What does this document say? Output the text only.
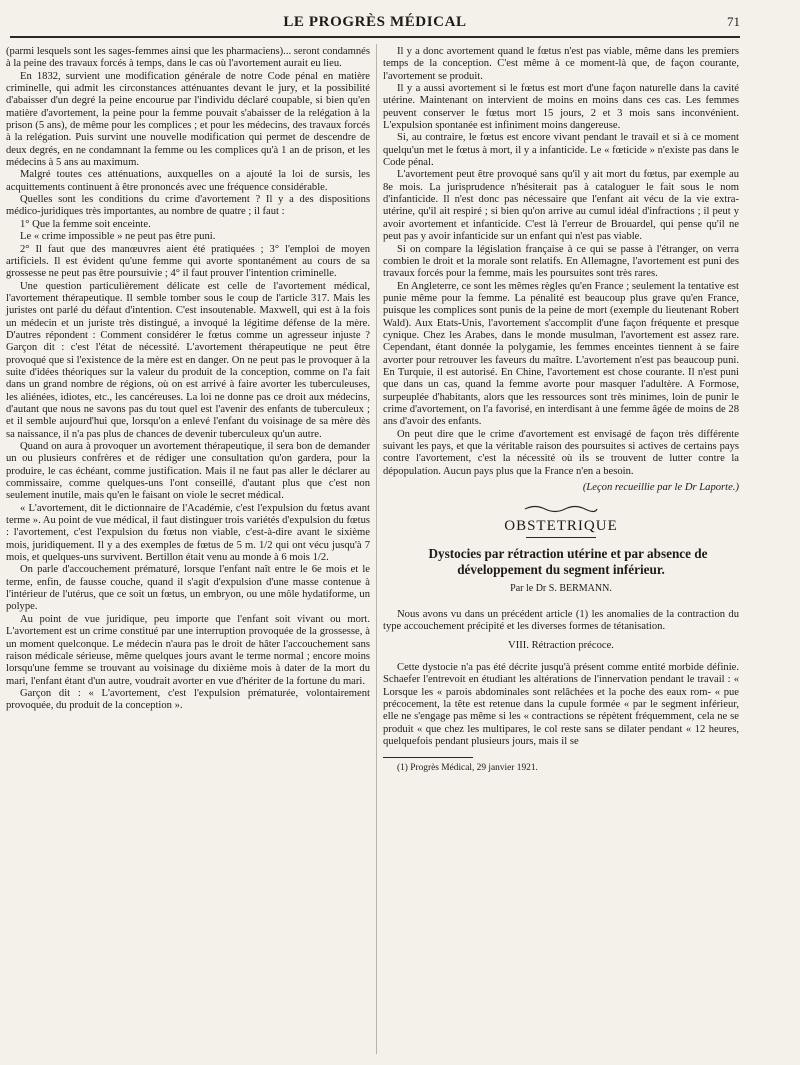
LE PROGRÈS MÉDICAL	71

(parmi lesquels sont les sages-femmes ainsi que les pharmaciens)... seront condamnés à la peine des travaux forcés à temps, dans le cas où l'avortement aurait eu lieu.

En 1832, survient une modification générale de notre Code pénal en matière criminelle, qui admit les circonstances atténuantes devant le jury, et la possibilité d'abaisser d'un degré la peine encourue par l'individu déclaré coupable, si bien qu'en matière d'avortement, la peine pour la femme pouvait s'abaisser de la relégation à la prison (5 ans), de même pour les complices ; et pour les médecins, des travaux forcés à la relégation. Puis survint une nouvelle modification qui permet de descendre de deux degrés, en ne condamnant la femme ou les complices qu'à 1 an de prison, et les médecins à 5 ans au maximum.

Malgré toutes ces atténuations, auxquelles on a ajouté la loi de sursis, les acquittements continuent à être prononcés avec une fréquence considérable.

Quelles sont les conditions du crime d'avortement ? Il y a des dispositions médico-juridiques très importantes, au nombre de quatre ; il faut :

1° Que la femme soit enceinte.

Le « crime impossible » ne peut pas être puni.

2° Il faut que des manœuvres aient été pratiquées ; 3° l'emploi de moyen artificiels. Il est évident qu'une femme qui avorte spontanément au cours de sa grossesse ne peut pas être poursuivie ; 4° il faut prouver l'intention criminelle.

Une question particulièrement délicate est celle de l'avortement médical, l'avortement thérapeutique. Il semble tomber sous le coup de l'article 317. Mais les juristes ont parlé du défaut d'intention. C'est insoutenable. Maxwell, qui est à la fois un médecin et un juriste très distingué, a invoqué la légitime défense de la mère. D'autres répondent : Comment considérer le fœtus comme un agresseur injuste ? Garçon dit : c'est l'état de nécessité. L'avortement thérapeutique ne peut être provoqué que si l'existence de la mère est en danger. On ne peut pas le provoquer à la suite d'idées théoriques sur la valeur du produit de la conception, comme on l'a fait dans un grand nombre de régions, où on est arrivé à faire avorter les tuberculeuses, les aliénées, idiotes, etc., les cancéreuses. La loi ne donne pas ce droit aux médecins, d'autant que nous ne savons pas du tout quel est l'avenir des enfants de tuberculeux ; et il semble aujourd'hui que, lorsqu'on a enlevé l'enfant du voisinage de sa mère dès sa naissance, il n'a pas plus de chances de devenir tuberculeux qu'un autre.

Quand on aura à provoquer un avortement thérapeutique, il sera bon de demander un ou plusieurs confrères et de rédiger une consultation qu'on gardera, pour la produire, le cas échéant, comme justification. Mais il ne faut pas aller le déclarer au commissaire, comme quelques-uns l'ont conseillé, d'autant plus que c'est non seulement inutile, mais qu'en le faisant on viole le secret médical.

« L'avortement, dit le dictionnaire de l'Académie, c'est l'expulsion du fœtus avant terme ». Au point de vue médical, il faut distinguer trois variétés d'expulsion du fœtus : l'avortement, c'est l'expulsion du fœtus non viable, c'est-à-dire avant le sixième mois, juridiquement. Il y a des exemples de fœtus de 5 m. 1/2 qui ont vécu jusqu'à 7 mois, et quelques-uns survivent. Bertillon était venu au monde à 6 mois 1/2.

On parle d'accouchement prématuré, lorsque l'enfant naît entre le 6e mois et le terme, enfin, de fausse couche, quand il s'agit d'expulsion d'une masse contenue à l'intérieur de l'utérus, que ce soit un fœtus, un embryon, ou une môle hydatiforme, un polype.

Au point de vue juridique, peu importe que l'enfant soit vivant ou mort. L'avortement est un crime constitué par une interruption provoquée de la grossesse, à un moment quelconque. Le médecin n'aura pas le droit de hâter l'accouchement sans raison médicale sérieuse, même quelques jours avant le terme normal ; encore moins lorsqu'une femme se trouvant au voisinage du dixième mois à dater de la mort du mari, l'enfant étant d'un autre, voudrait avorter en vue d'hériter de la fortune du mari.

Garçon dit : « L'avortement, c'est l'expulsion prématurée, volontairement provoquée, du produit de la conception ».

Il y a donc avortement quand le fœtus n'est pas viable, même dans les premiers temps de la conception. C'est même à ce moment-là que, de façon courante, l'avortement se produit.

Il y a aussi avortement si le fœtus est mort d'une façon naturelle dans la cavité utérine. Maintenant on intervient de moins en moins dans ces cas. Les femmes peuvent conserver le fœtus mort 15 jours, 2 et 3 mois sans inconvénient. L'expulsion spontanée est infiniment moins dangereuse.

Si, au contraire, le fœtus est encore vivant pendant le travail et si à ce moment quelqu'un met le fœtus à mort, il y a infanticide. Le « fœticide » n'existe pas dans le Code pénal.

L'avortement peut être provoqué sans qu'il y ait mort du fœtus, par exemple au 8e mois. La jurisprudence n'hésiterait pas à cataloguer le fait sous le nom d'infanticide. Il n'est donc pas nécessaire que l'enfant ait vécu de la vie extra-utérine, qu'il ait respiré ; si bien qu'on arrive au cumul idéal d'infractions ; il peut y avoir avortement et infanticide. C'est là l'erreur de Brouardel, qui pense qu'il ne peut pas y avoir infanticide sur un enfant qui n'est pas viable.

Si on compare la législation française à ce qui se passe à l'étranger, on verra combien le droit et la morale sont relatifs. En Allemagne, l'avortement est puni des travaux forcés pour la femme, mais les poursuites sont très rares.

En Angleterre, ce sont les mêmes règles qu'en France ; seulement la tentative est punie même pour la femme. La pénalité est beaucoup plus grave qu'en France, puisque les complices sont punis de la peine de mort (exemple du lieutenant Robert Wald). Aux Etats-Unis, l'avortement s'accomplit d'une façon fréquente et presque cynique. Chez les Arabes, dans le monde musulman, l'avortement est assez rare. Cependant, étant donnée la polygamie, les femmes enceintes tiennent à se faire avorter pour retrouver les faveurs du maître. L'avortement n'est pas beaucoup puni. En Turquie, il est autorisé. En Chine, l'avortement est chose courante. Il n'est puni que dans un cas, quand la femme avorte pour masquer l'adultère. A Formose, surpeuplée d'habitants, alors que les ressources sont très minimes, loin de punir le crime d'avortement, on l'a favorisé, en interdisant à une femme âgée de moins de 28 ans d'avoir des enfants.

On peut dire que le crime d'avortement est envisagé de façon très différente suivant les pays, et que la véritable raison des poursuites si actives de certains pays contre l'avortement, c'est la nécessité où ils se trouvent de lutter contre la dépopulation. Aucun pays plus que la France n'en a besoin.

(Leçon recueillie par le Dr Laporte.)
OBSTETRIQUE

Dystocies par rétraction utérine et par absence de développement du segment inférieur.

Par le Dr S. BERMANN.

Nous avons vu dans un précédent article (1) les anomalies de la contraction du type accouchement précipité et les diverses formes de tétanisation.

VIII. Rétraction précoce.

Cette dystocie n'a pas été décrite jusqu'à présent comme entité morbide définie. Schaefer l'entrevoit en étudiant les altérations de l'innervation pendant le travail : « Lorsque les « parois abdominales sont relâchées et la poche des eaux rom- « pue précocement, la tête est retenue dans la cupule formée « par le segment inférieur, elle ne s'engage pas même si les « contractions se répètent fréquemment, cela ne se produit « que chez les multipares, le col reste sans se dilater pendant « 12 heures, quelquefois pendant plusieurs jours, mais il se

(1) Progrès Médical, 29 janvier 1921.
